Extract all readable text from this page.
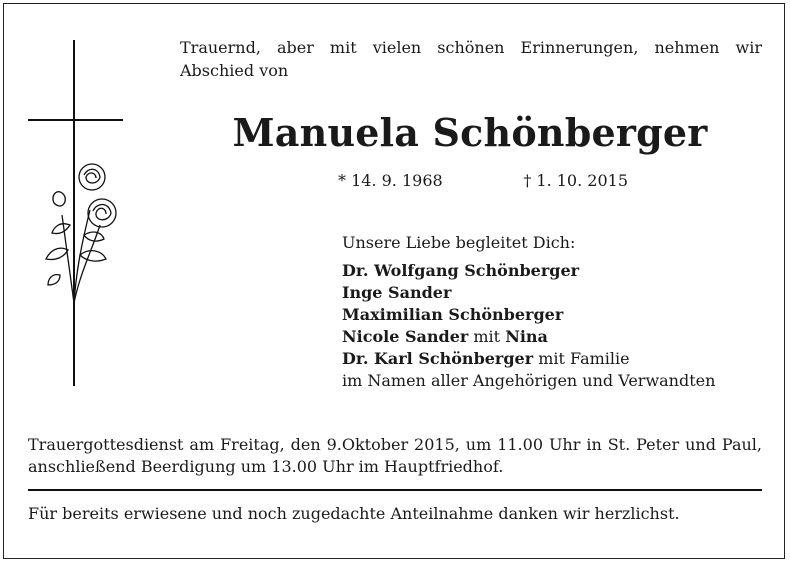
Trauernd, aber mit vielen schönen Erinnerungen, nehmen wir Abschied von
Manuela Schönberger
* 14. 9. 1968	† 1. 10. 2015
Unsere Liebe begleitet Dich:
Dr. Wolfgang Schönberger
Inge Sander
Maximilian Schönberger
Nicole Sander mit Nina
Dr. Karl Schönberger mit Familie
im Namen aller Angehörigen und Verwandten
Trauergottesdienst am Freitag, den 9.Oktober 2015, um 11.00 Uhr in St. Peter und Paul, anschließend Beerdigung um 13.00 Uhr im Hauptfriedhof.
Für bereits erwiesene und noch zugedachte Anteilnahme danken wir herzlichst.
